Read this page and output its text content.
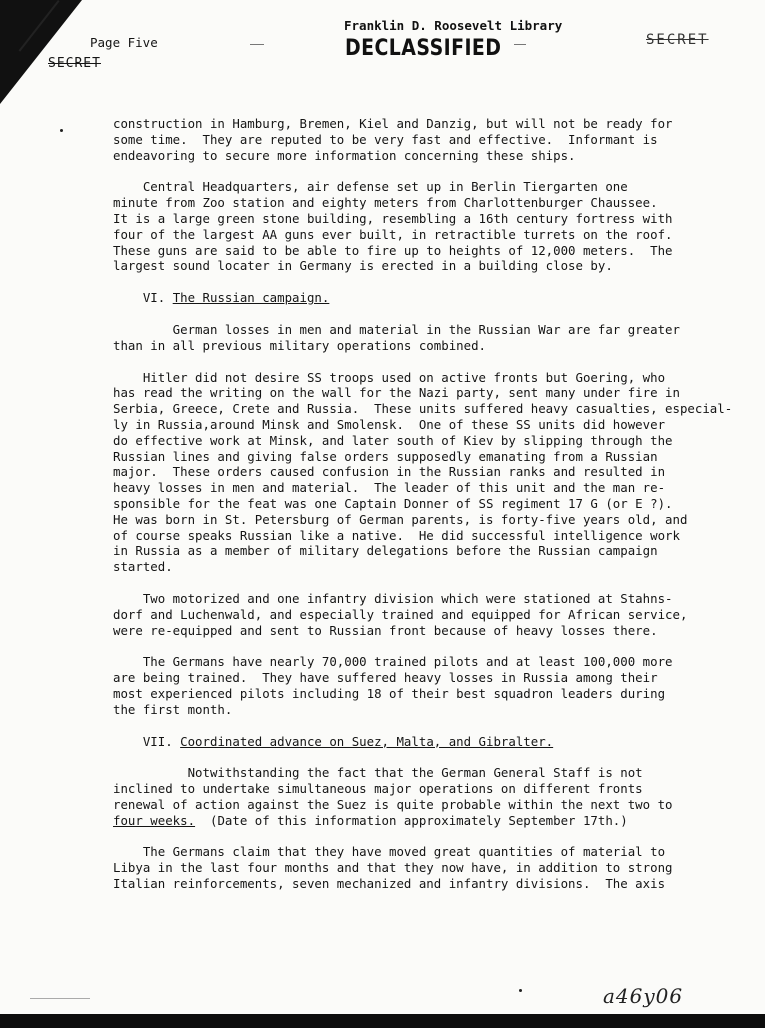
Page Five
SECRET
Franklin D. Roosevelt Library
DECLASSIFIED	SECRET

construction in Hamburg, Bremen, Kiel and Danzig, but will not be ready for

some time.  They are reputed to be very fast and effective.  Informant is

endeavoring to secure more information concerning these ships.

Central Headquarters, air defense set up in Berlin Tiergarten one

minute from Zoo station and eighty meters from Charlottenburger Chaussee.

It is a large green stone building, resembling a 16th century fortress with

four of the largest AA guns ever built, in retractible turrets on the roof.

These guns are said to be able to fire up to heights of 12,000 meters.  The

largest sound locater in Germany is erected in a building close by.

VI. The Russian campaign.

German losses in men and material in the Russian War are far greater

than in all previous military operations combined.

Hitler did not desire SS troops used on active fronts but Goering, who

has read the writing on the wall for the Nazi party, sent many under fire in

Serbia, Greece, Crete and Russia.  These units suffered heavy casualties, especial-

ly in Russia,around Minsk and Smolensk.  One of these SS units did however

do effective work at Minsk, and later south of Kiev by slipping through the

Russian lines and giving false orders supposedly emanating from a Russian

major.  These orders caused confusion in the Russian ranks and resulted in

heavy losses in men and material.  The leader of this unit and the man re-

sponsible for the feat was one Captain Donner of SS regiment 17 G (or E ?).

He was born in St. Petersburg of German parents, is forty-five years old, and

of course speaks Russian like a native.  He did successful intelligence work

in Russia as a member of military delegations before the Russian campaign

started.

Two motorized and one infantry division which were stationed at Stahns-

dorf and Luchenwald, and especially trained and equipped for African service,

were re-equipped and sent to Russian front because of heavy losses there.

The Germans have nearly 70,000 trained pilots and at least 100,000 more

are being trained.  They have suffered heavy losses in Russia among their

most experienced pilots including 18 of their best squadron leaders during

the first month.

VII. Coordinated advance on Suez, Malta, and Gibralter.

Notwithstanding the fact that the German General Staff is not

inclined to undertake simultaneous major operations on different fronts

renewal of action against the Suez is quite probable within the next two to

four weeks.  (Date of this information approximately September 17th.)

The Germans claim that they have moved great quantities of material to

Libya in the last four months and that they now have, in addition to strong

Italian reinforcements, seven mechanized and infantry divisions.  The axis

a46y06
